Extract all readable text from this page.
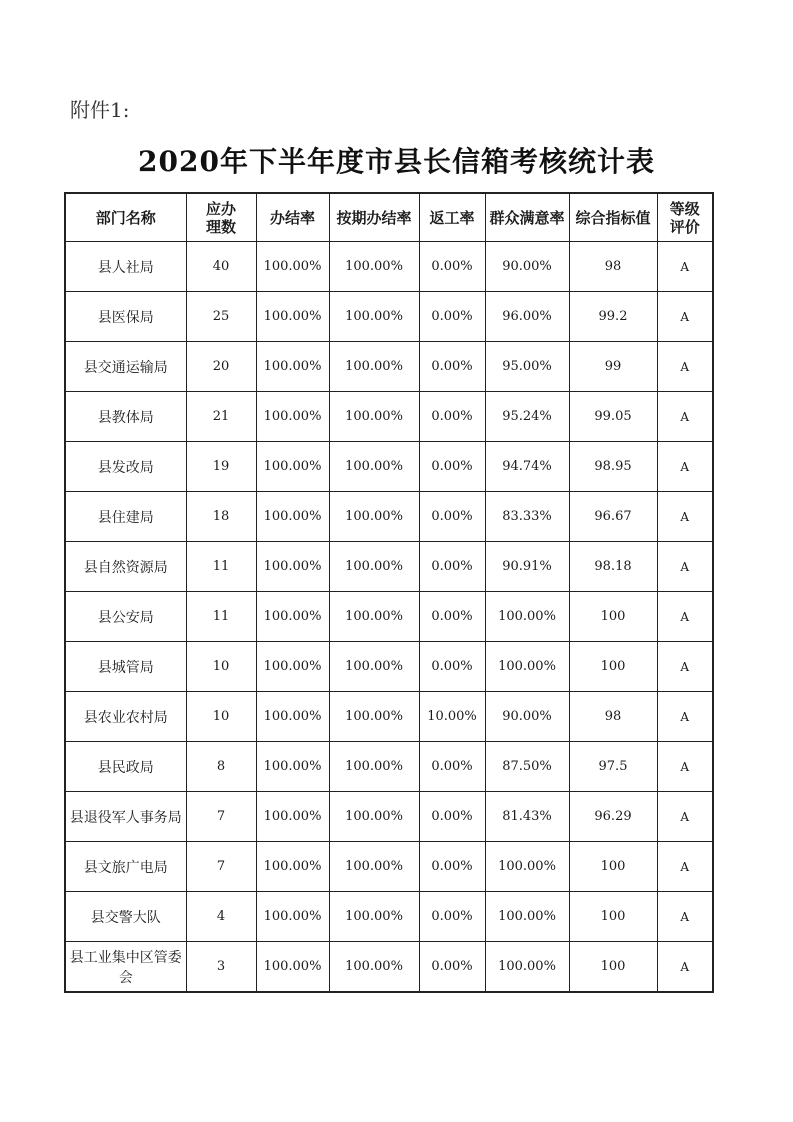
附件1:
2020年下半年度市县长信箱考核统计表
部门名称	应办理数	办结率	按期办结率	返工率	群众满意率	综合指标值	等级评价
县人社局	40	100.00%	100.00%	0.00%	90.00%	98	A
县医保局	25	100.00%	100.00%	0.00%	96.00%	99.2	A
县交通运输局	20	100.00%	100.00%	0.00%	95.00%	99	A
县教体局	21	100.00%	100.00%	0.00%	95.24%	99.05	A
县发改局	19	100.00%	100.00%	0.00%	94.74%	98.95	A
县住建局	18	100.00%	100.00%	0.00%	83.33%	96.67	A
县自然资源局	11	100.00%	100.00%	0.00%	90.91%	98.18	A
县公安局	11	100.00%	100.00%	0.00%	100.00%	100	A
县城管局	10	100.00%	100.00%	0.00%	100.00%	100	A
县农业农村局	10	100.00%	100.00%	10.00%	90.00%	98	A
县民政局	8	100.00%	100.00%	0.00%	87.50%	97.5	A
县退役军人事务局	7	100.00%	100.00%	0.00%	81.43%	96.29	A
县文旅广电局	7	100.00%	100.00%	0.00%	100.00%	100	A
县交警大队	4	100.00%	100.00%	0.00%	100.00%	100	A
县工业集中区管委会	3	100.00%	100.00%	0.00%	100.00%	100	A
